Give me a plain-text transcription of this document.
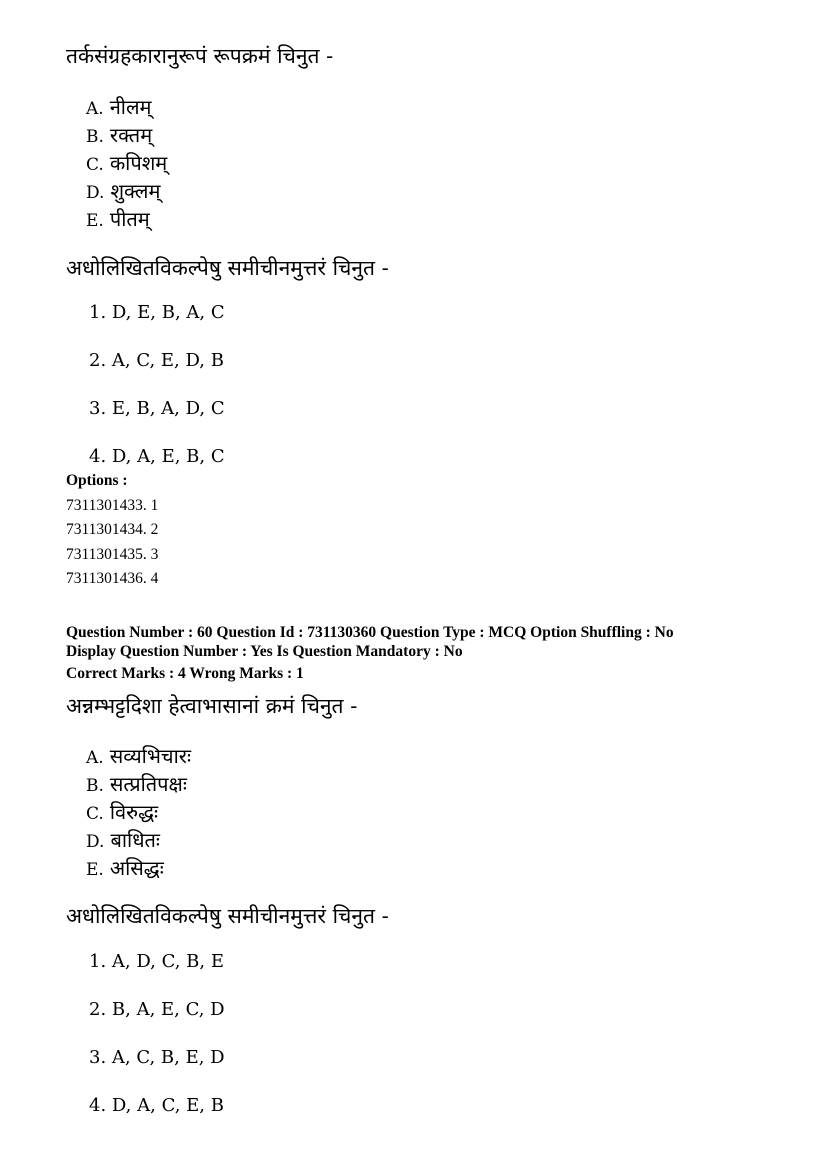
तर्कसंग्रहकारानुरूपं रूपक्रमं चिनुत -
A. नीलम्
B. रक्तम्
C. कपिशम्
D. शुक्लम्
E. पीतम्
अधोलिखितविकल्पेषु समीचीनमुत्तरं चिनुत -
1. D, E, B, A, C
2. A, C, E, D, B
3. E, B, A, D, C
4. D, A, E, B, C
Options :
7311301433. 1
7311301434. 2
7311301435. 3
7311301436. 4
Question Number : 60 Question Id : 731130360 Question Type : MCQ Option Shuffling : No
Display Question Number : Yes Is Question Mandatory : No
Correct Marks : 4 Wrong Marks : 1
अन्नम्भट्टदिशा हेत्वाभासानां क्रमं चिनुत -
A. सव्यभिचारः
B. सत्प्रतिपक्षः
C. विरुद्धः
D. बाधितः
E. असिद्धः
अधोलिखितविकल्पेषु समीचीनमुत्तरं चिनुत -
1. A, D, C, B, E
2. B, A, E, C, D
3. A, C, B, E, D
4. D, A, C, E, B
